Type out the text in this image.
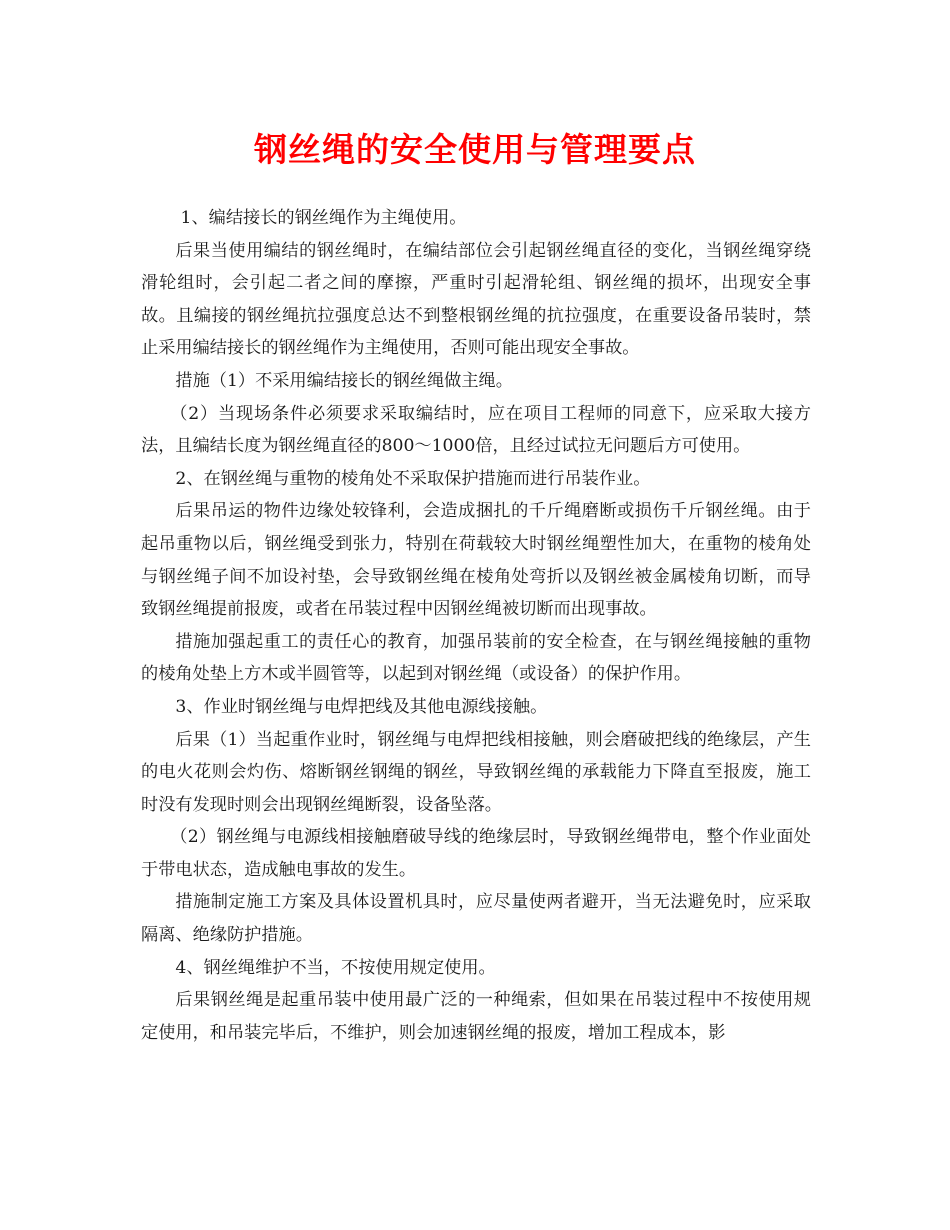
钢丝绳的安全使用与管理要点

1、编结接长的钢丝绳作为主绳使用。

后果当使用编结的钢丝绳时，在编结部位会引起钢丝绳直径的变化，当钢丝绳穿绕滑轮组时，会引起二者之间的摩擦，严重时引起滑轮组、钢丝绳的损坏，出现安全事故。且编接的钢丝绳抗拉强度总达不到整根钢丝绳的抗拉强度，在重要设备吊装时，禁止采用编结接长的钢丝绳作为主绳使用，否则可能出现安全事故。

措施（1）不采用编结接长的钢丝绳做主绳。

（2）当现场条件必须要求采取编结时，应在项目工程师的同意下，应采取大接方法，且编结长度为钢丝绳直径的800～1000倍，且经过试拉无问题后方可使用。

2、在钢丝绳与重物的棱角处不采取保护措施而进行吊装作业。

后果吊运的物件边缘处较锋利，会造成捆扎的千斤绳磨断或损伤千斤钢丝绳。由于起吊重物以后，钢丝绳受到张力，特别在荷载较大时钢丝绳塑性加大，在重物的棱角处与钢丝绳子间不加设衬垫，会导致钢丝绳在棱角处弯折以及钢丝被金属棱角切断，而导致钢丝绳提前报废，或者在吊装过程中因钢丝绳被切断而出现事故。

措施加强起重工的责任心的教育，加强吊装前的安全检查，在与钢丝绳接触的重物的棱角处垫上方木或半圆管等，以起到对钢丝绳（或设备）的保护作用。

3、作业时钢丝绳与电焊把线及其他电源线接触。

后果（1）当起重作业时，钢丝绳与电焊把线相接触，则会磨破把线的绝缘层，产生的电火花则会灼伤、熔断钢丝钢绳的钢丝，导致钢丝绳的承载能力下降直至报废，施工时没有发现时则会出现钢丝绳断裂，设备坠落。

（2）钢丝绳与电源线相接触磨破导线的绝缘层时，导致钢丝绳带电，整个作业面处于带电状态，造成触电事故的发生。

措施制定施工方案及具体设置机具时，应尽量使两者避开，当无法避免时，应采取隔离、绝缘防护措施。

4、钢丝绳维护不当，不按使用规定使用。

后果钢丝绳是起重吊装中使用最广泛的一种绳索，但如果在吊装过程中不按使用规定使用，和吊装完毕后，不维护，则会加速钢丝绳的报废，增加工程成本，影
